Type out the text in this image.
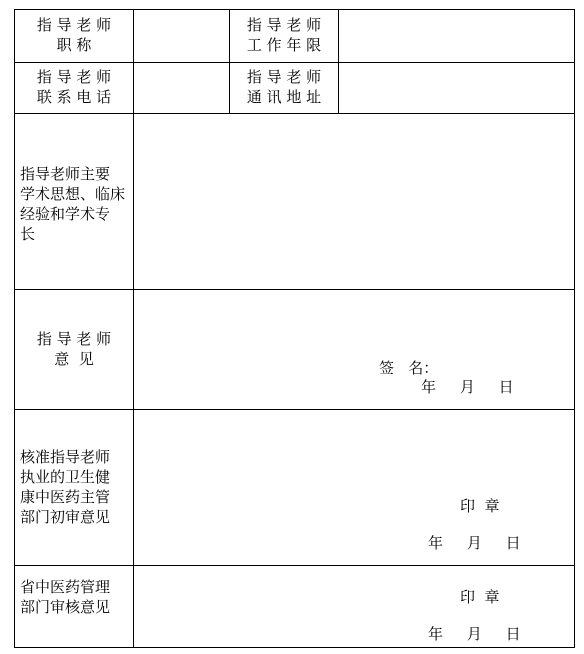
指 导 老 师
职 称
指 导 老 师
工 作 年 限
指 导 老 师
联 系 电 话
指 导 老 师
通 讯 地 址
指导老师主要
学术思想、临床
经验和学术专
长
指 导 老 师
意  见	签   名：
年     月     日
核准指导老师
执业的卫生健
康中医药主管
部门初审意见
印  章
年     月     日
省中医药管理
部门审核意见
印  章
年     月     日
